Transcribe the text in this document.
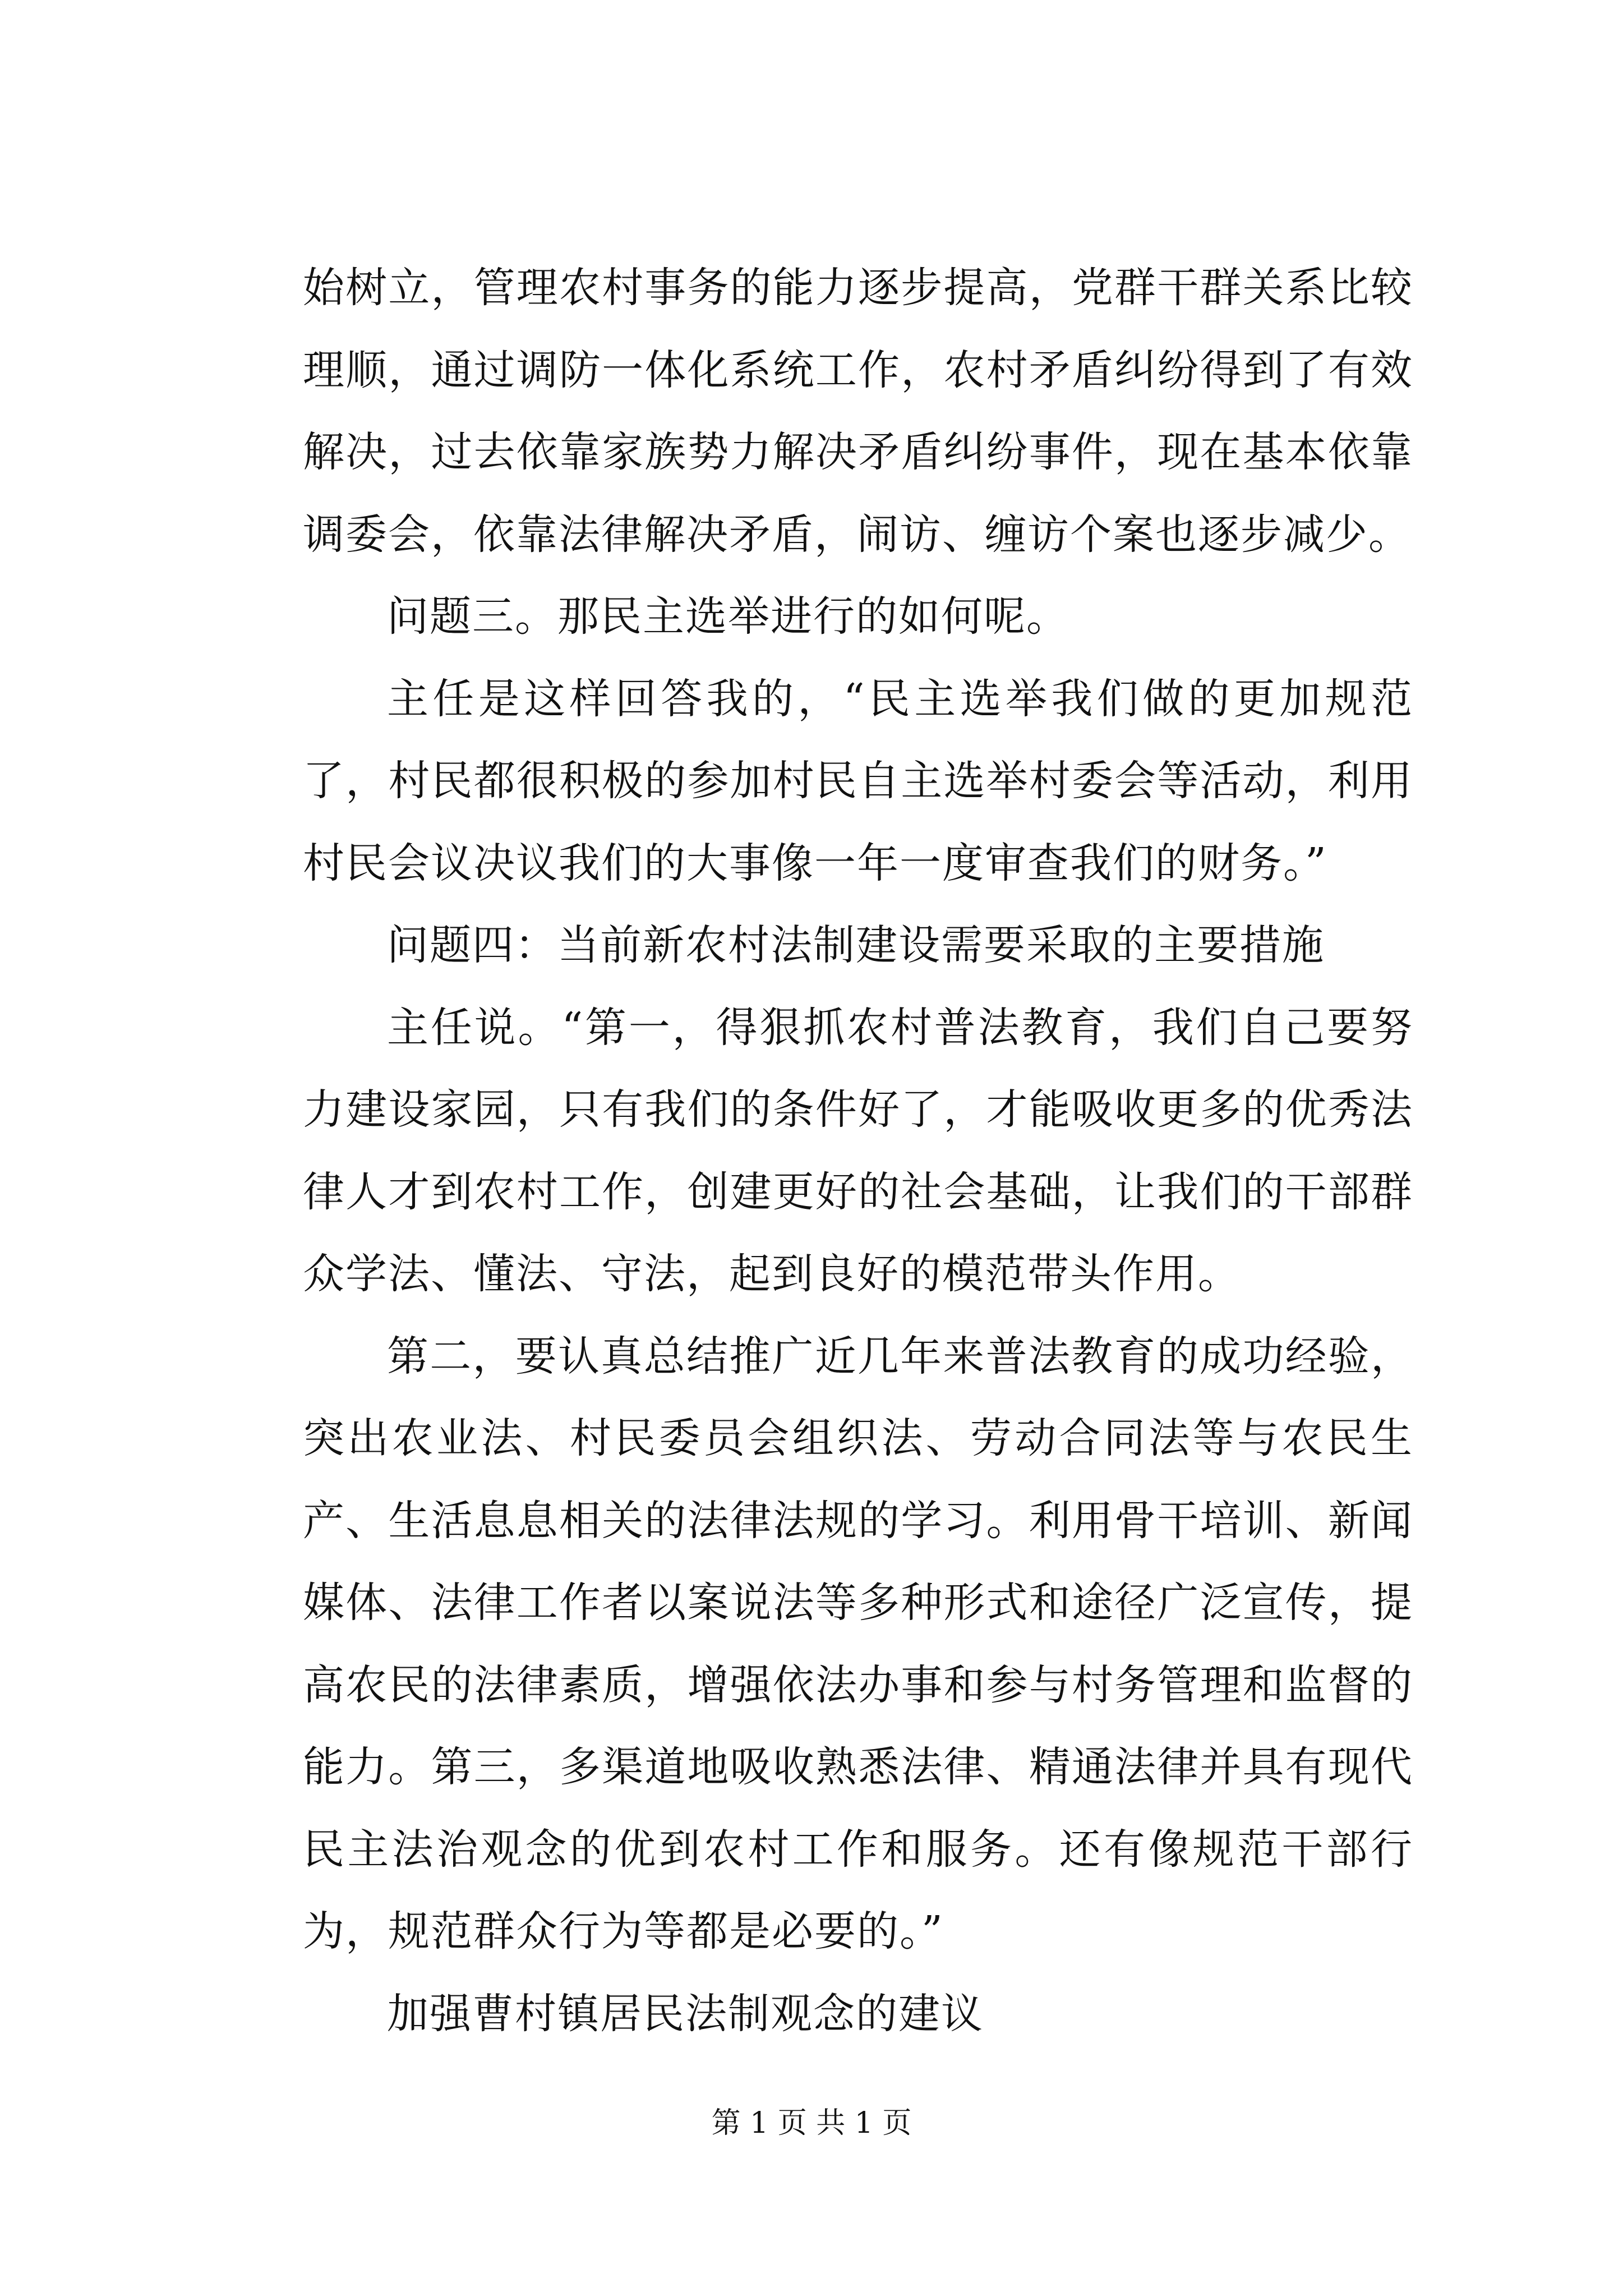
始树立，管理农村事务的能力逐步提高，党群干群关系比较理顺，通过调防一体化系统工作，农村矛盾纠纷得到了有效解决，过去依靠家族势力解决矛盾纠纷事件，现在基本依靠调委会，依靠法律解决矛盾，闹访、缠访个案也逐步减少。

问题三。那民主选举进行的如何呢。

主任是这样回答我的，“民主选举我们做的更加规范了，村民都很积极的参加村民自主选举村委会等活动，利用村民会议决议我们的大事像一年一度审查我们的财务。”

问题四：当前新农村法制建设需要采取的主要措施

主任说。“第一，得狠抓农村普法教育，我们自己要努力建设家园，只有我们的条件好了，才能吸收更多的优秀法律人才到农村工作，创建更好的社会基础，让我们的干部群众学法、懂法、守法，起到良好的模范带头作用。

第二，要认真总结推广近几年来普法教育的成功经验，突出农业法、村民委员会组织法、劳动合同法等与农民生产、生活息息相关的法律法规的学习。利用骨干培训、新闻媒体、法律工作者以案说法等多种形式和途径广泛宣传，提高农民的法律素质，增强依法办事和参与村务管理和监督的能力。第三，多渠道地吸收熟悉法律、精通法律并具有现代民主法治观念的优到农村工作和服务。还有像规范干部行为，规范群众行为等都是必要的。”

加强曹村镇居民法制观念的建议

第 1 页 共 1 页
